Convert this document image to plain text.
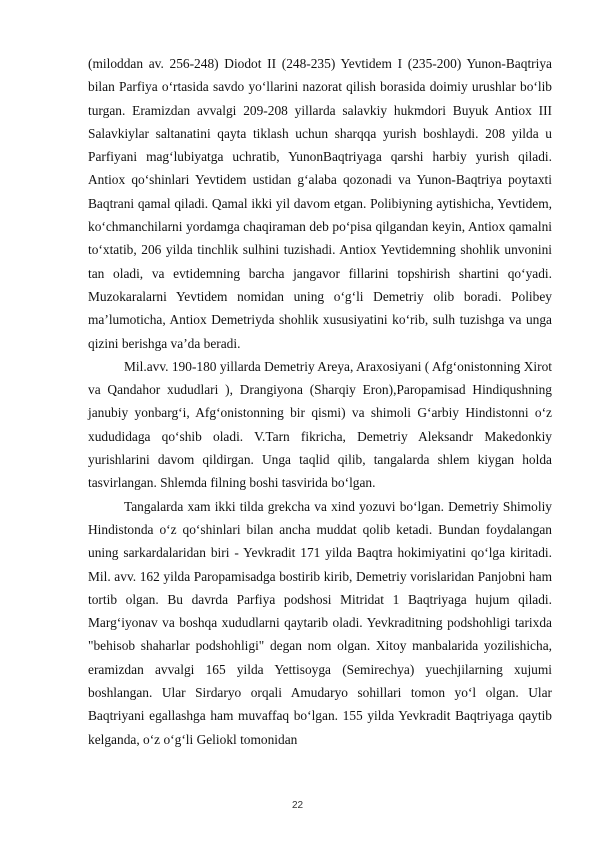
(miloddan av. 256-248) Diodot II (248-235) Yevtidem I (235-200) Yunon-Baqtriya bilan Parfiya o‘rtasida savdo yo‘llarini nazorat qilish borasida doimiy urushlar bo‘lib turgan. Eramizdan avvalgi 209-208 yillarda salavkiy hukmdori Buyuk Antiox III Salavkiylar saltanatini qayta tiklash uchun sharqqa yurish boshlaydi. 208 yilda u Parfiyani mag‘lubiyatga uchratib, YunonBaqtriyaga qarshi harbiy yurish qiladi. Antiox qo‘shinlari Yevtidem ustidan g‘alaba qozonadi va Yunon-Baqtriya poytaxti Baqtrani qamal qiladi. Qamal ikki yil davom etgan. Polibiyning aytishicha, Yevtidem, ko‘chmanchilarni yordamga chaqiraman deb po‘pisa qilgandan keyin, Antiox qamalni to‘xtatib, 206 yilda tinchlik sulhini tuzishadi. Antiox Yevtidemning shohlik unvonini tan oladi, va evtidemning barcha jangavor fillarini topshirish shartini qo‘yadi. Muzokaralarni Yevtidem nomidan uning o‘g‘li Demetriy olib boradi. Polibey ma’lumoticha, Antiox Demetriyda shohlik xususiyatini ko‘rib, sulh tuzishga va unga qizini berishga va’da beradi.

Mil.avv. 190-180 yillarda Demetriy Areya, Araxosiyani ( Afg‘onistonning Xirot va Qandahor xududlari ), Drangiyona (Sharqiy Eron),Paropamisad Hindiqushning janubiy yonbarg‘i, Afg‘onistonning bir qismi) va shimoli G‘arbiy Hindistonni o‘z xududidaga qo‘shib oladi. V.Tarn fikricha, Demetriy Aleksandr Makedonkiy yurishlarini davom qildirgan. Unga taqlid qilib, tangalarda shlem kiygan holda tasvirlangan. Shlemda filning boshi tasvirida bo‘lgan.

Tangalarda xam ikki tilda grekcha va xind yozuvi bo‘lgan. Demetriy Shimoliy Hindistonda o‘z qo‘shinlari bilan ancha muddat qolib ketadi. Bundan foydalangan uning sarkardalaridan biri - Yevkradit 171 yilda Baqtra hokimiyatini qo‘lga kiritadi. Mil. avv. 162 yilda Paropamisadga bostirib kirib, Demetriy vorislaridan Panjobni ham tortib olgan. Bu davrda Parfiya podshosi Mitridat 1 Baqtriyaga hujum qiladi. Marg‘iyonav va boshqa xududlarni qaytarib oladi. Yevkraditning podshohligi tarixda "behisob shaharlar podshohligi" degan nom olgan. Xitoy manbalarida yozilishicha, eramizdan avvalgi 165 yilda Yettisoyga (Semirechya) yuechjilarning xujumi boshlangan. Ular Sirdaryo orqali Amudaryo sohillari tomon yo‘l olgan. Ular Baqtriyani egallashga ham muvaffaq bo‘lgan. 155 yilda Yevkradit Baqtriyaga qaytib kelganda, o‘z o‘g‘li Geliokl tomonidan

22
